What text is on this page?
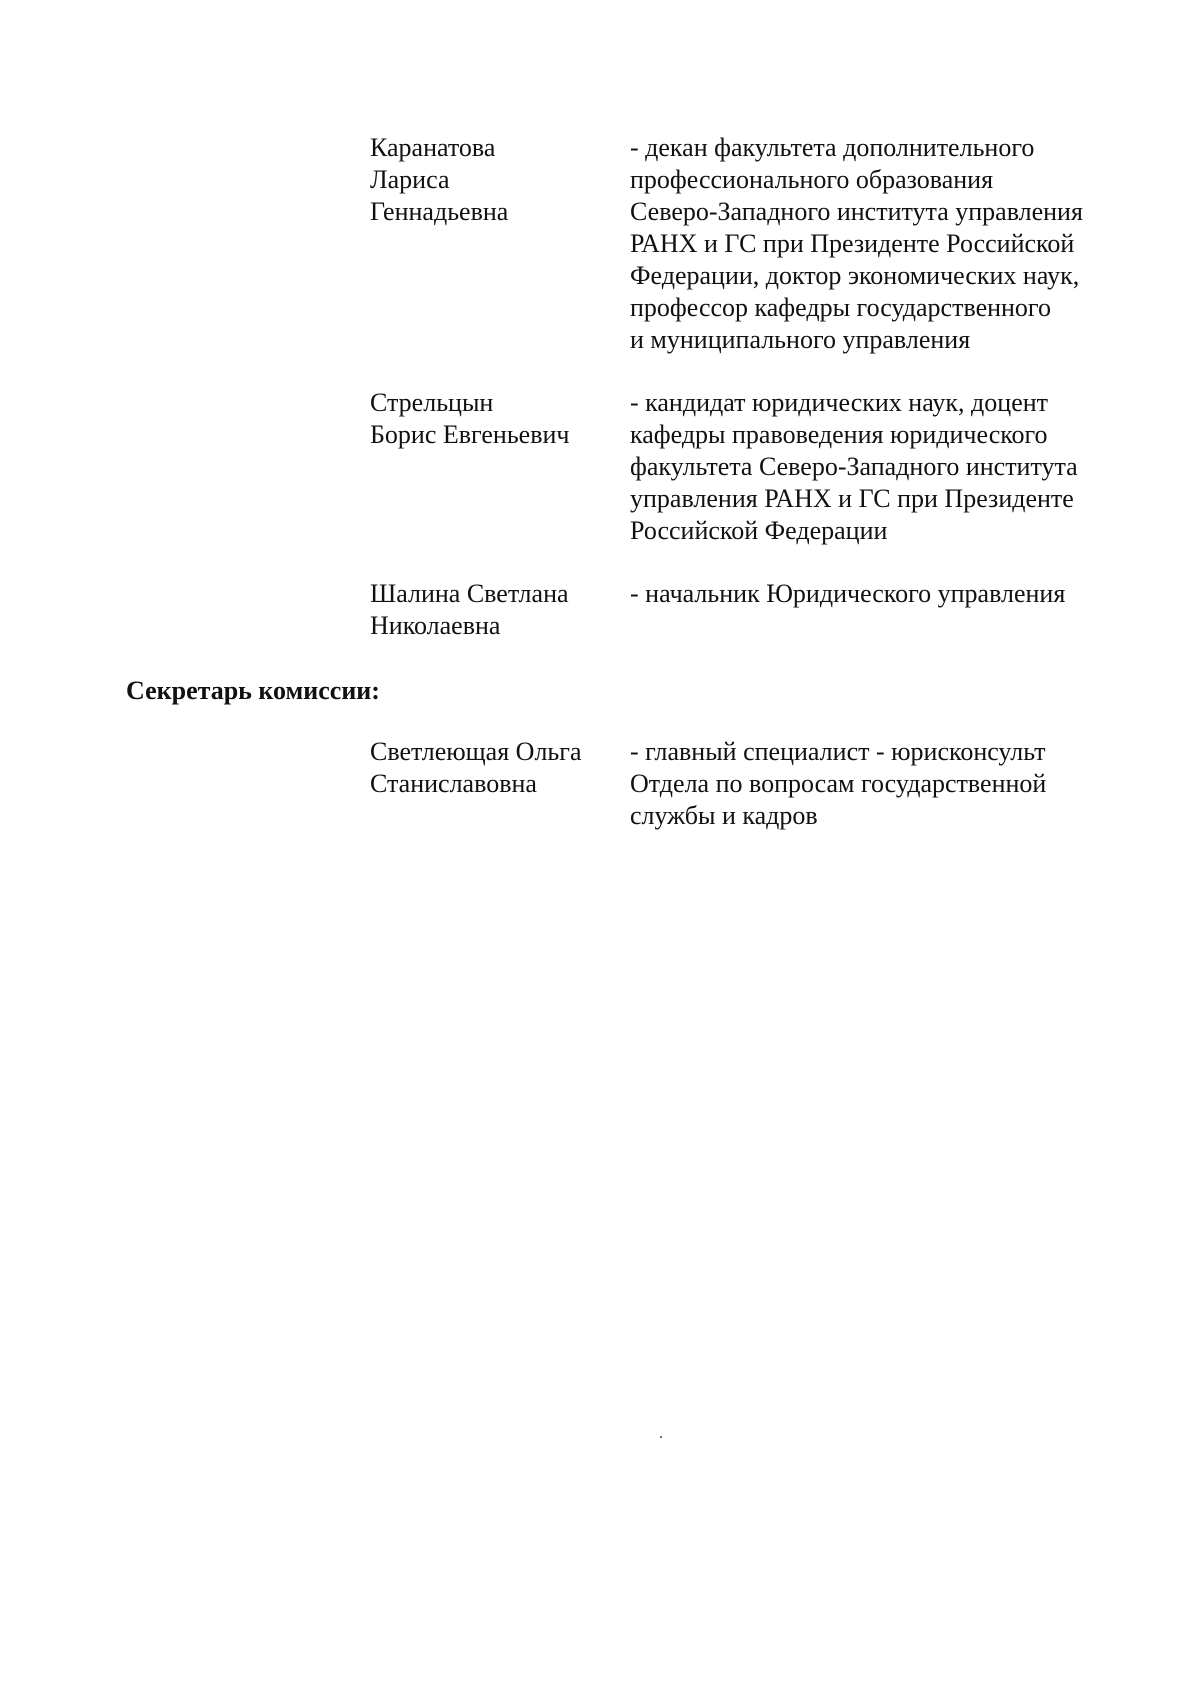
Каранатова
Лариса
Геннадьевна
- декан факультета дополнительного
профессионального образования
Северо-Западного института управления
РАНХ и ГС при Президенте Российской
Федерации, доктор экономических наук,
профессор кафедры государственного
и муниципального управления
Стрельцын
Борис Евгеньевич
- кандидат юридических наук, доцент
кафедры правоведения юридического
факультета Северо-Западного института
управления РАНХ и ГС при Президенте
Российской Федерации
Шалина Светлана
Николаевна
- начальник Юридического управления
Секретарь комиссии:
Светлеющая Ольга
Станиславовна
- главный специалист - юрисконсульт
Отдела по вопросам государственной
службы и кадров
